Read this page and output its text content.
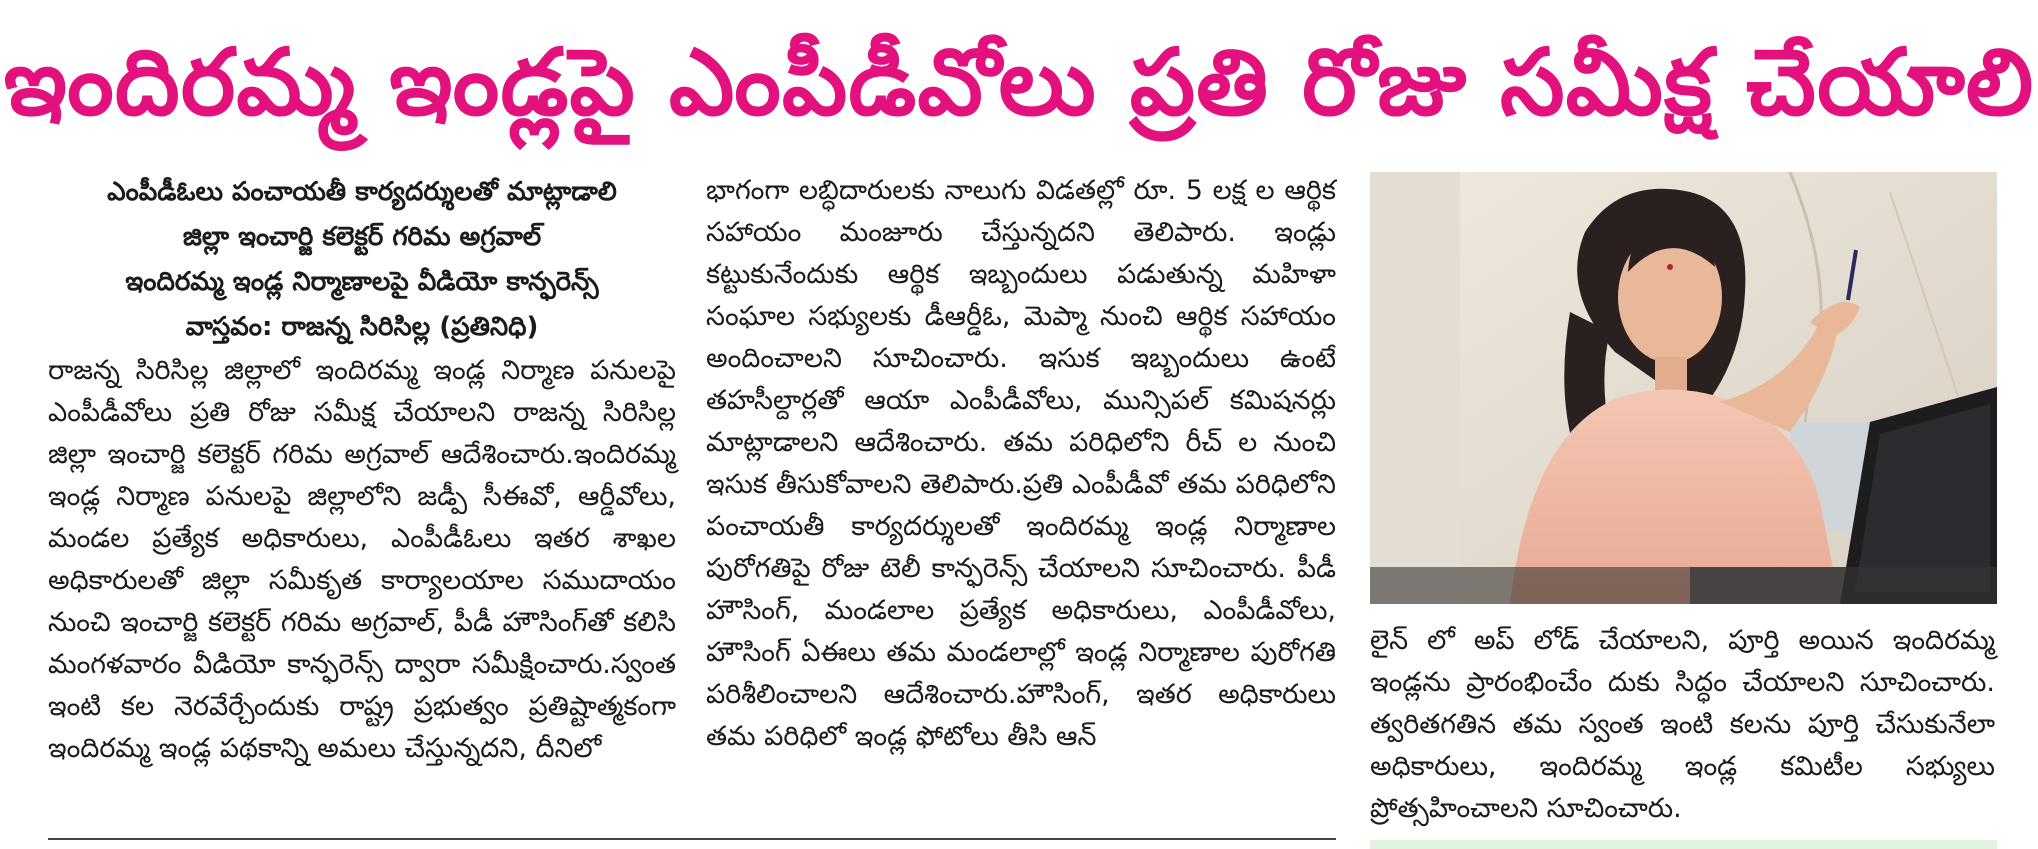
ఇందిరమ్మ ఇండ్లపై ఎంపీడీవోలు ప్రతి రోజు సమీక్ష చేయాలి

ఎంపీడీఓలు పంచాయతీ కార్యదర్శులతో మాట్లాడాలి

జిల్లా ఇంచార్జి కలెక్టర్ గరిమ అగ్రవాల్

ఇందిరమ్మ ఇండ్ల నిర్మాణాలపై వీడియో కాన్ఫరెన్స్

వాస్తవం: రాజన్న సిరిసిల్ల (ప్రతినిధి)

రాజన్న సిరిసిల్ల జిల్లాలో ఇందిరమ్మ ఇండ్ల నిర్మాణ పనులపై ఎంపీడీవోలు ప్రతి రోజు సమీక్ష చేయాలని రాజన్న సిరిసిల్ల జిల్లా ఇంచార్జి కలెక్టర్ గరిమ అగ్రవాల్ ఆదేశించారు.ఇందిరమ్మ ఇండ్ల నిర్మాణ పనులపై జిల్లాలోని జడ్పీ సీఈవో, ఆర్డీవోలు, మండల ప్రత్యేక అధికారులు, ఎంపీడీఓలు ఇతర శాఖల అధికారులతో జిల్లా సమీకృత కార్యాలయాల సముదాయం నుంచి ఇంచార్జి కలెక్టర్ గరిమ అగ్రవాల్, పీడీ హౌసింగ్‌తో కలిసి మంగళవారం వీడియో కాన్ఫరెన్స్ ద్వారా సమీక్షించారు.స్వంత ఇంటి కల నెరవేర్చేందుకు రాష్ట్ర ప్రభుత్వం ప్రతిష్టాత్మకంగా ఇందిరమ్మ ఇండ్ల పథకాన్ని అమలు చేస్తున్నదని, దీనిలో

భాగంగా లబ్ధిదారులకు నాలుగు విడతల్లో రూ. 5 లక్ష ల ఆర్థిక సహాయం మంజూరు చేస్తున్నదని తెలిపారు. ఇండ్లు కట్టుకునేందుకు ఆర్థిక ఇబ్బందులు పడుతున్న మహిళా సంఘాల సభ్యులకు డీఆర్డీఓ, మెప్మా నుంచి ఆర్థిక సహాయం అందించాలని సూచించారు. ఇసుక ఇబ్బందులు ఉంటే తహసీల్దార్లతో ఆయా ఎంపీడీవోలు, మున్సిపల్ కమిషనర్లు మాట్లాడాలని ఆదేశించారు. తమ పరిధిలోని రీచ్ ల నుంచి ఇసుక తీసుకోవాలని తెలిపారు.ప్రతి ఎంపీడీవో తమ పరిధిలోని పంచాయతీ కార్యదర్శులతో ఇందిరమ్మ ఇండ్ల నిర్మాణాల పురోగతిపై రోజు టెలీ కాన్ఫరెన్స్ చేయాలని సూచించారు. పీడీ హౌసింగ్, మండలాల ప్రత్యేక అధికారులు, ఎంపీడీవోలు, హౌసింగ్ ఏఈలు తమ మండలాల్లో ఇండ్ల నిర్మాణాల పురోగతి పరిశీలించాలని ఆదేశించారు.హౌసింగ్, ఇతర అధికారులు తమ పరిధిలో ఇండ్ల ఫోటోలు తీసి ఆన్

లైన్ లో అప్ లోడ్ చేయాలని, పూర్తి అయిన ఇందిరమ్మ ఇండ్లను ప్రారంభించేం దుకు సిద్ధం చేయాలని సూచించారు. త్వరితగతిన తమ స్వంత ఇంటి కలను పూర్తి చేసుకునేలా అధికారులు, ఇందిరమ్మ ఇండ్ల కమిటీల సభ్యులు ప్రోత్సహించాలని సూచించారు.
